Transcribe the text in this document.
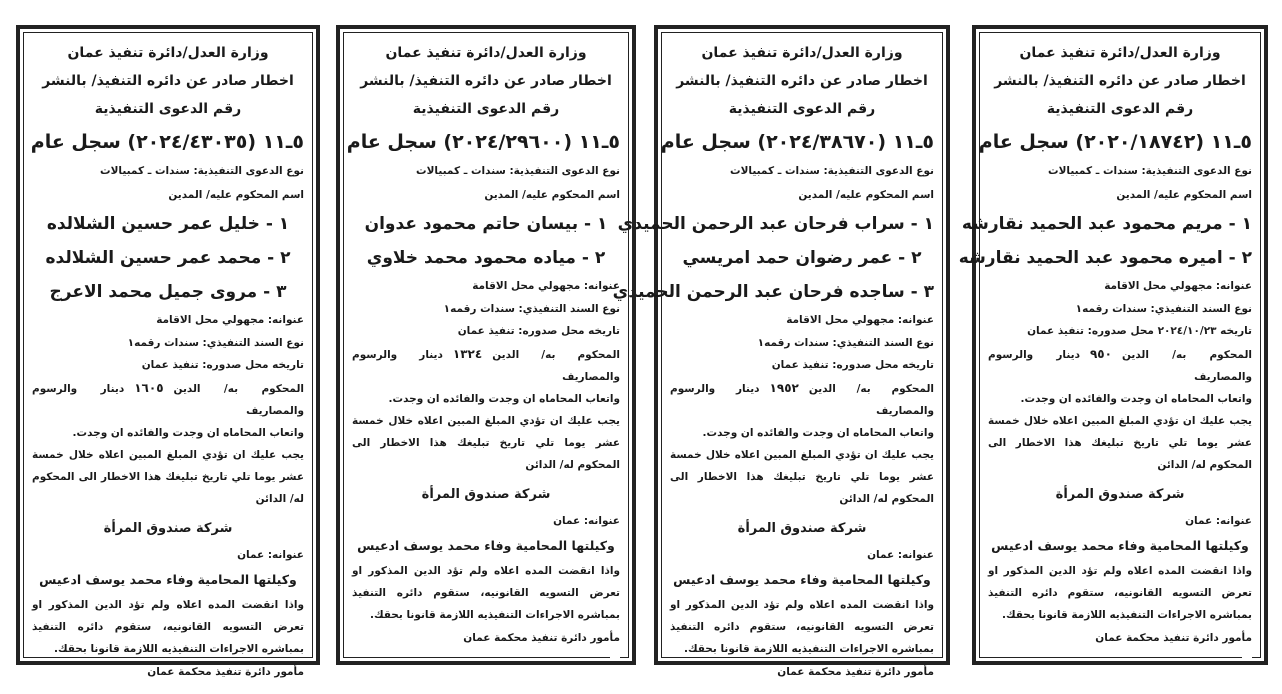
وزارة العدل/دائرة تنفيذ عمان
اخطار صادر عن دائره التنفيذ/ بالنشر
رقم الدعوى التنفيذية
٥ـ١١ (٢٠٢٠/١٨٧٤٢) سجل عام
نوع الدعوى التنفيذية: سندات ـ كمبيالات
اسم المحكوم عليه/ المدين
١ - مريم محمود عبد الحميد نقارشه
٢ - اميره محمود عبد الحميد نقارشه
عنوانه: مجهولي محل الاقامة
نوع السند التنفيذي: سندات رقمه١
تاريخه ٢٠٢٤/١٠/٢٣ محل صدوره: تنفيذ عمان
المحكوم به/ الدين٩٥٠دينار والرسوم والمصاريف
واتعاب المحاماه ان وجدت والفائده ان وجدت.
يجب عليك ان تؤدي المبلغ المبين اعلاه خلال خمسة عشر يوما تلي تاريخ تبليغك هذا الاخطار الى المحكوم له/ الدائن
شركة صندوق المرأة
عنوانه: عمان
وكيلتها المحامية وفاء محمد يوسف ادعيس
واذا انقضت المده اعلاه ولم تؤد الدين المذكور او تعرض التسويه القانونيه، ستقوم دائره التنفيذ بمباشره الاجراءات التنفيذيه اللازمة قانونا بحقك.
مأمور دائرة تنفيذ محكمة عمان
وزارة العدل/دائرة تنفيذ عمان
اخطار صادر عن دائره التنفيذ/ بالنشر
رقم الدعوى التنفيذية
٥ـ١١ (٢٠٢٤/٣٨٦٧٠) سجل عام
نوع الدعوى التنفيذية: سندات ـ كمبيالات
اسم المحكوم عليه/ المدين
١ - سراب فرحان عبد الرحمن الحميدي
٢ - عمر رضوان حمد امريسي
٣ - ساجده فرحان عبد الرحمن الحميدي
عنوانه: مجهولي محل الاقامة
نوع السند التنفيذي: سندات رقمه١
تاريخه محل صدوره: تنفيذ عمان
المحكوم به/ الدين١٩٥٢دينار والرسوم والمصاريف
واتعاب المحاماه ان وجدت والفائده ان وجدت.
يجب عليك ان تؤدي المبلغ المبين اعلاه خلال خمسة عشر يوما تلي تاريخ تبليغك هذا الاخطار الى المحكوم له/ الدائن
شركة صندوق المرأة
عنوانه: عمان
وكيلتها المحامية وفاء محمد يوسف ادعيس
واذا انقضت المده اعلاه ولم تؤد الدين المذكور او تعرض التسويه القانونيه، ستقوم دائره التنفيذ بمباشره الاجراءات التنفيذيه اللازمة قانونا بحقك.
مأمور دائرة تنفيذ محكمة عمان
وزارة العدل/دائرة تنفيذ عمان
اخطار صادر عن دائره التنفيذ/ بالنشر
رقم الدعوى التنفيذية
٥ـ١١ (٢٠٢٤/٢٩٦٠٠) سجل عام
نوع الدعوى التنفيذية: سندات ـ كمبيالات
اسم المحكوم عليه/ المدين
١ - بيسان حاتم محمود عدوان
٢ - مياده محمود محمد خلاوي
عنوانه: مجهولي محل الاقامة
نوع السند التنفيذي: سندات رقمه١
تاريخه محل صدوره: تنفيذ عمان
المحكوم به/ الدين١٣٢٤دينار والرسوم والمصاريف
واتعاب المحاماه ان وجدت والفائده ان وجدت.
يجب عليك ان تؤدي المبلغ المبين اعلاه خلال خمسة عشر يوما تلي تاريخ تبليغك هذا الاخطار الى المحكوم له/ الدائن
شركة صندوق المرأة
عنوانه: عمان
وكيلتها المحامية وفاء محمد يوسف ادعيس
واذا انقضت المده اعلاه ولم تؤد الدين المذكور او تعرض التسويه القانونيه، ستقوم دائره التنفيذ بمباشره الاجراءات التنفيذيه اللازمة قانونا بحقك.
مأمور دائرة تنفيذ محكمة عمان
وزارة العدل/دائرة تنفيذ عمان
اخطار صادر عن دائره التنفيذ/ بالنشر
رقم الدعوى التنفيذية
٥ـ١١ (٢٠٢٤/٤٣٠٣٥) سجل عام
نوع الدعوى التنفيذية: سندات ـ كمبيالات
اسم المحكوم عليه/ المدين
١ - خليل عمر حسين الشلالده
٢ - محمد عمر حسين الشلالده
٣ - مروى جميل محمد الاعرج
عنوانه: مجهولي محل الاقامة
نوع السند التنفيذي: سندات رقمه١
تاريخه محل صدوره: تنفيذ عمان
المحكوم به/ الدين١٦٠٥دينار والرسوم والمصاريف
واتعاب المحاماه ان وجدت والفائده ان وجدت.
يجب عليك ان تؤدي المبلغ المبين اعلاه خلال خمسة عشر يوما تلي تاريخ تبليغك هذا الاخطار الى المحكوم له/ الدائن
شركة صندوق المرأة
عنوانه: عمان
وكيلتها المحامية وفاء محمد يوسف ادعيس
واذا انقضت المده اعلاه ولم تؤد الدين المذكور او تعرض التسويه القانونيه، ستقوم دائره التنفيذ بمباشره الاجراءات التنفيذيه اللازمة قانونا بحقك.
مأمور دائرة تنفيذ محكمة عمان
